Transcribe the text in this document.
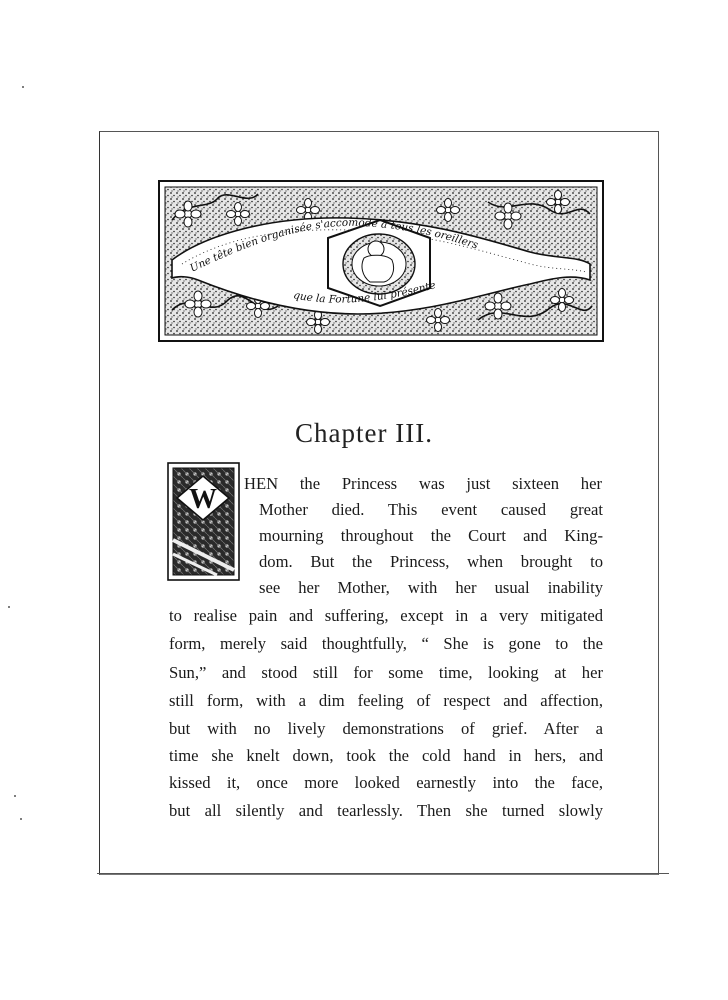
Une tête bien organisée s'accomode à tous les oreillers
que la Fortune lui présente
Chapter III.
W
HEN the Princess was just sixteen her
Mother died. This event caused great
mourning throughout the Court and King-
dom. But the Princess, when brought to
see her Mother, with her usual inability
to realise pain and suffering, except in a very mitigated
form, merely said thoughtfully, “ She is gone to the
Sun,” and stood still for some time, looking at her
still form, with a dim feeling of respect and affection,
but with no lively demonstrations of grief. After a
time she knelt down, took the cold hand in hers, and
kissed it, once more looked earnestly into the face,
but all silently and tearlessly. Then she turned slowly
